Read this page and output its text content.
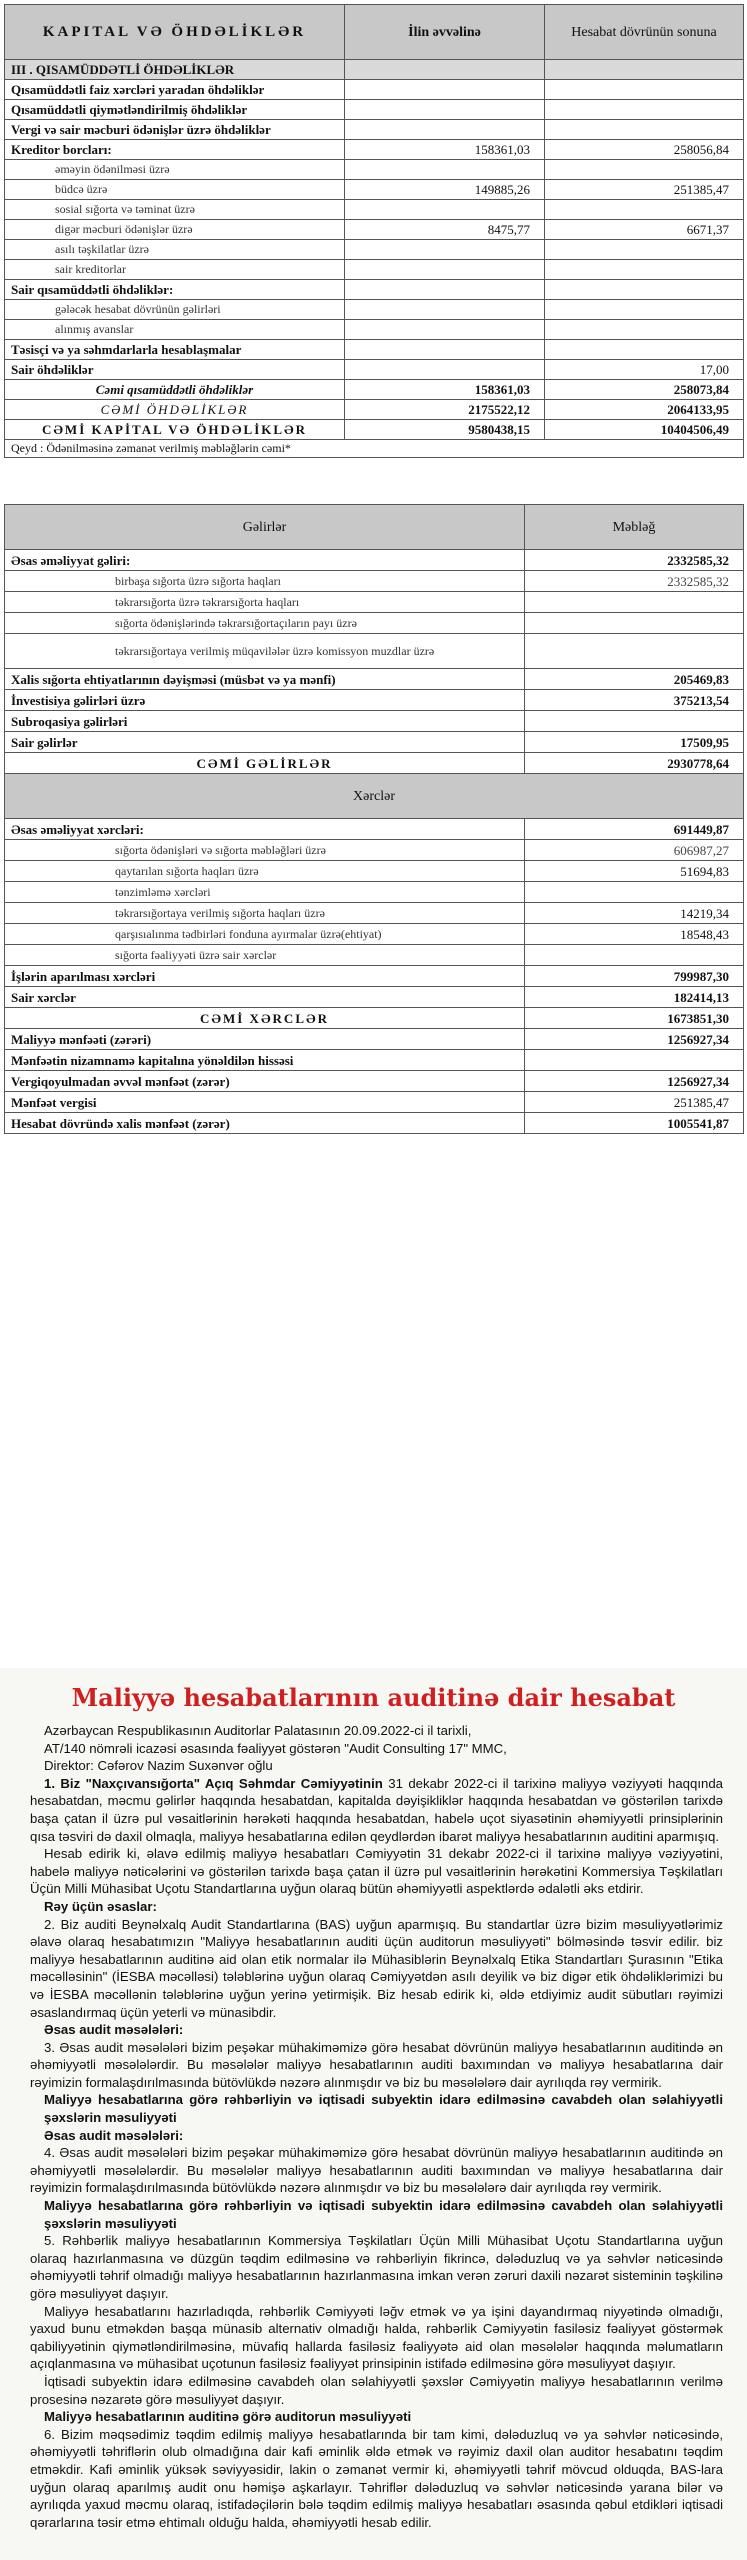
KAPITAL VƏ ÖHDƏLİKLƏR	İlin əvvəlinə	Hesabat dövrünün sonuna
III . QISAMÜDDƏTLİ ÖHDƏLİKLƏR		
Qısamüddətli faiz xərcləri yaradan öhdəliklər		
Qısamüddətli qiymətləndirilmiş öhdəliklər		
Vergi və sair məcburi ödənişlər üzrə öhdəliklər		
Kreditor borcları:	158361,03	258056,84
əməyin ödənilməsi üzrə		
büdcə üzrə	149885,26	251385,47
sosial sığorta və təminat üzrə		
digər məcburi ödənişlər üzrə	8475,77	6671,37
asılı təşkilatlar üzrə		
sair kreditorlar		
Sair qısamüddətli öhdəliklər:		
gələcək hesabat dövrünün gəlirləri		
alınmış avanslar		
Təsisçi və ya səhmdarlarla hesablaşmalar		
Sair öhdəliklər		17,00
Cəmi qısamüddətli öhdəliklər	158361,03	258073,84
CƏMİ ÖHDƏLİKLƏR	2175522,12	2064133,95
CƏMİ KAPİTAL VƏ ÖHDƏLİKLƏR	9580438,15	10404506,49
Qeyd : Ödənilməsinə zəmanət verilmiş məbləğlərin cəmi*		
Gəlirlər	Məbləğ
Əsas əməliyyat gəliri:	2332585,32
birbaşa sığorta üzrə sığorta haqları	2332585,32
təkrarsığorta üzrə təkrarsığorta haqları	
sığorta ödənişlərində təkrarsığortaçıların payı üzrə	
təkrarsığortaya verilmiş müqavilələr üzrə komissyon muzdlar üzrə	
Xalis sığorta ehtiyatlarının dəyişməsi (müsbət və ya mənfi)	205469,83
İnvestisiya gəlirləri üzrə	375213,54
Subroqasiya gəlirləri	
Sair gəlirlər	17509,95
CƏMİ GƏLİRLƏR	2930778,64
Xərclər	
Əsas əməliyyat xərcləri:	691449,87
sığorta ödənişləri və sığorta məbləğləri üzrə	606987,27
qaytarılan sığorta haqları üzrə	51694,83
tənzimləmə xərcləri	
təkrarsığortaya verilmiş sığorta haqları üzrə	14219,34
qarşısıalınma tədbirləri fonduna ayırmalar üzrə(ehtiyat)	18548,43
sığorta fəaliyyəti üzrə sair xərclər	
İşlərin aparılması xərcləri	799987,30
Sair xərclər	182414,13
CƏMİ XƏRCLƏR	1673851,30
Maliyyə mənfəəti (zərəri)	1256927,34
Mənfəətin nizamnamə kapitalına yönəldilən hissəsi	
Vergiqoyulmadan əvvəl mənfəət (zərər)	1256927,34
Mənfəət vergisi	251385,47
Hesabat dövründə xalis mənfəət (zərər)	1005541,87
Maliyyə hesabatlarının auditinə dair hesabat

Azərbaycan Respublikasının Auditorlar Palatasının 20.09.2022-ci il tarixli,

AT/140 nömrəli icazəsi əsasında fəaliyyət göstərən "Audit Consulting 17" MMC,

Direktor: Cəfərov Nazim Suxənvər oğlu

1. Biz "Naxçıvansığorta" Açıq Səhmdar Cəmiyyətinin 31 dekabr 2022-ci il tarixinə maliyyə vəziyyəti haqqında hesabatdan, məcmu gəlirlər haqqında hesabatdan, kapitalda dəyişikliklər haqqında hesabatdan və göstərilən tarixdə başa çatan il üzrə pul vəsaitlərinin hərəkəti haqqında hesabatdan, habelə uçot siyasətinin əhəmiyyətli prinsiplərinin qısa təsviri də daxil olmaqla, maliyyə hesabatlarına edilən qeydlərdən ibarət maliyyə hesabatlarının auditini aparmışıq.

Hesab edirik ki, əlavə edilmiş maliyyə hesabatları Cəmiyyətin 31 dekabr 2022-ci il tarixinə maliyyə vəziyyətini, habelə maliyyə nəticələrini və göstərilən tarixdə başa çatan il üzrə pul vəsaitlərinin hərəkətini Kommersiya Təşkilatları Üçün Milli Mühasibat Uçotu Standartlarına uyğun olaraq bütün əhəmiyyətli aspektlərdə ədalətli əks etdirir.

Rəy üçün əsaslar:

2. Biz auditi Beynəlxalq Audit Standartlarına (BAS) uyğun aparmışıq. Bu standartlar üzrə bizim məsuliyyətlərimiz əlavə olaraq hesabatımızın "Maliyyə hesabatlarının auditi üçün auditorun məsuliyyəti" bölməsində təsvir edilir. biz maliyyə hesabatlarının auditinə aid olan etik normalar ilə Mühasiblərin Beynəlxalq Etika Standartları Şurasının "Etika məcəlləsinin" (İESBA məcəlləsi) tələblərinə uyğun olaraq Cəmiyyətdən asılı deyilik və biz digər etik öhdəliklərimizi bu və İESBA məcəllənin tələblərinə uyğun yerinə yetirmişik. Biz hesab edirik ki, əldə etdiyimiz audit sübutları rəyimizi əsaslandırmaq üçün yeterli və münasibdir.

Əsas audit məsələləri:

3. Əsas audit məsələləri bizim peşəkar mühakiməmizə görə hesabat dövrünün maliyyə hesabatlarının auditində ən əhəmiyyətli məsələlərdir. Bu məsələlər maliyyə hesabatlarının auditi baxımından və maliyyə hesabatlarına dair rəyimizin formalaşdırılmasında bütövlükdə nəzərə alınmışdır və biz bu məsələlərə dair ayrılıqda rəy vermirik.

Maliyyə hesabatlarına görə rəhbərliyin və iqtisadi subyektin idarə edilməsinə cavabdeh olan səlahiyyətli şəxslərin məsuliyyəti

Əsas audit məsələləri:

4. Əsas audit məsələləri bizim peşəkar mühakiməmizə görə hesabat dövrünün maliyyə hesabatlarının auditində ən əhəmiyyətli məsələlərdir. Bu məsələlər maliyyə hesabatlarının auditi baxımından və maliyyə hesabatlarına dair rəyimizin formalaşdırılmasında bütövlükdə nəzərə alınmışdır və biz bu məsələlərə dair ayrılıqda rəy vermirik.

Maliyyə hesabatlarına görə rəhbərliyin və iqtisadi subyektin idarə edilməsinə cavabdeh olan səlahiyyətli şəxslərin məsuliyyəti

5. Rəhbərlik maliyyə hesabatlarının Kommersiya Təşkilatları Üçün Milli Mühasibat Uçotu Standartlarına uyğun olaraq hazırlanmasına və düzgün təqdim edilməsinə və rəhbərliyin fikrincə, dələduzluq və ya səhvlər nəticəsində əhəmiyyətli təhrif olmadığı maliyyə hesabatlarının hazırlanmasına imkan verən zəruri daxili nəzarət sisteminin təşkilinə görə məsuliyyət daşıyır.

Maliyyə hesabatlarını hazırladıqda, rəhbərlik Cəmiyyəti ləğv etmək və ya işini dayandırmaq niyyətində olmadığı, yaxud bunu etməkdən başqa münasib alternativ olmadığı halda, rəhbərlik Cəmiyyətin fasiləsiz fəaliyyət göstərmək qabiliyyətinin qiymətləndirilməsinə, müvafiq hallarda fasiləsiz fəaliyyətə aid olan məsələlər haqqında məlumatların açıqlanmasına və mühasibat uçotunun fasiləsiz fəaliyyət prinsipinin istifadə edilməsinə görə məsuliyyət daşıyır.

İqtisadi subyektin idarə edilməsinə cavabdeh olan səlahiyyətli şəxslər Cəmiyyətin maliyyə hesabatlarının verilmə prosesinə nəzarətə görə məsuliyyət daşıyır.

Maliyyə hesabatlarının auditinə görə auditorun məsuliyyəti

6. Bizim məqsədimiz təqdim edilmiş maliyyə hesabatlarında bir tam kimi, dələduzluq və ya səhvlər nəticəsində, əhəmiyyətli təhriflərin olub olmadığına dair kafi əminlik əldə etmək və rəyimiz daxil olan auditor hesabatını təqdim etməkdir. Kafi əminlik yüksək səviyyəsidir, lakin o zəmanət vermir ki, əhəmiyyətli təhrif mövcud olduqda, BAS-lara uyğun olaraq aparılmış audit onu həmişə aşkarlayır. Təhriflər dələduzluq və səhvlər nəticəsində yarana bilər və ayrılıqda yaxud məcmu olaraq, istifadəçilərin bələ təqdim edilmiş maliyyə hesabatları əsasında qəbul etdikləri iqtisadi qərarlarına təsir etmə ehtimalı olduğu halda, əhəmiyyətli hesab edilir.
